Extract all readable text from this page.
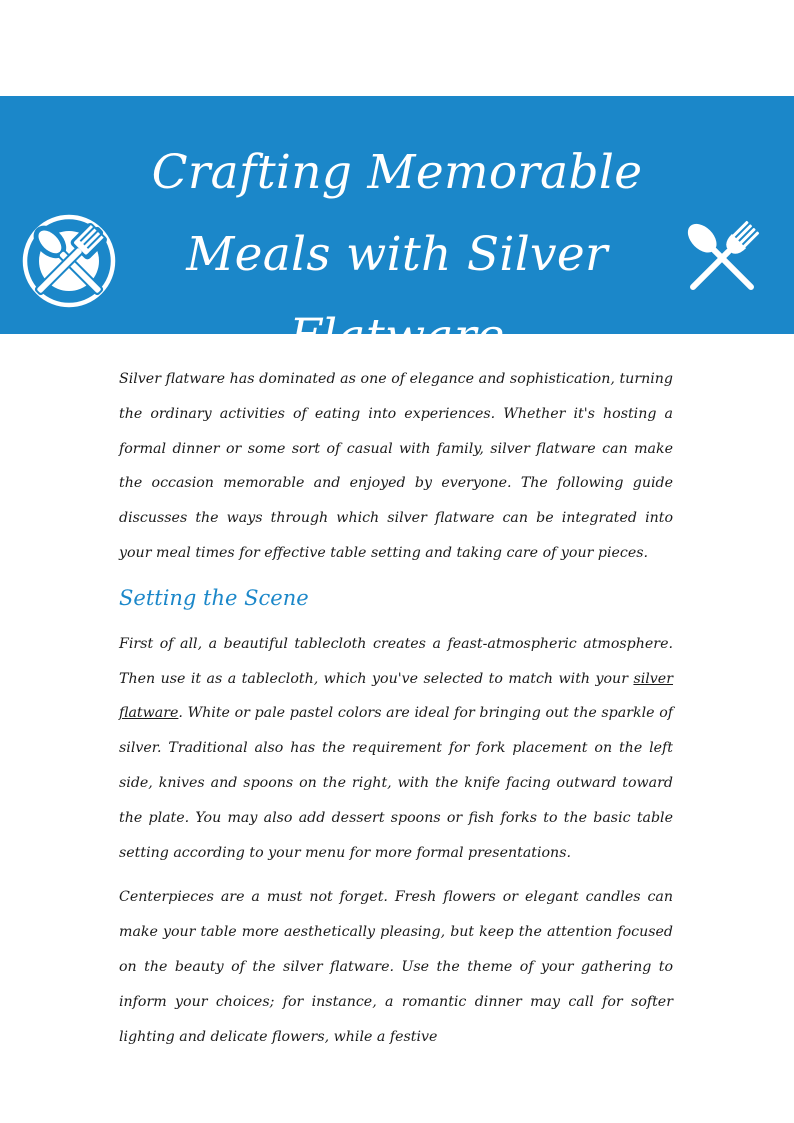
Crafting Memorable Meals with Silver Flatware

Silver flatware has dominated as one of elegance and sophistication, turning the ordinary activities of eating into experiences. Whether it's hosting a formal dinner or some sort of casual with family, silver flatware can make the occasion memorable and enjoyed by everyone. The following guide discusses the ways through which silver flatware can be integrated into your meal times for effective table setting and taking care of your pieces.

Setting the Scene

First of all, a beautiful tablecloth creates a feast-atmospheric atmosphere. Then use it as a tablecloth, which you've selected to match with your silver flatware. White or pale pastel colors are ideal for bringing out the sparkle of silver. Traditional also has the requirement for fork placement on the left side, knives and spoons on the right, with the knife facing outward toward the plate. You may also add dessert spoons or fish forks to the basic table setting according to your menu for more formal presentations.

Centerpieces are a must not forget. Fresh flowers or elegant candles can make your table more aesthetically pleasing, but keep the attention focused on the beauty of the silver flatware. Use the theme of your gathering to inform your choices; for instance, a romantic dinner may call for softer lighting and delicate flowers, while a festive
